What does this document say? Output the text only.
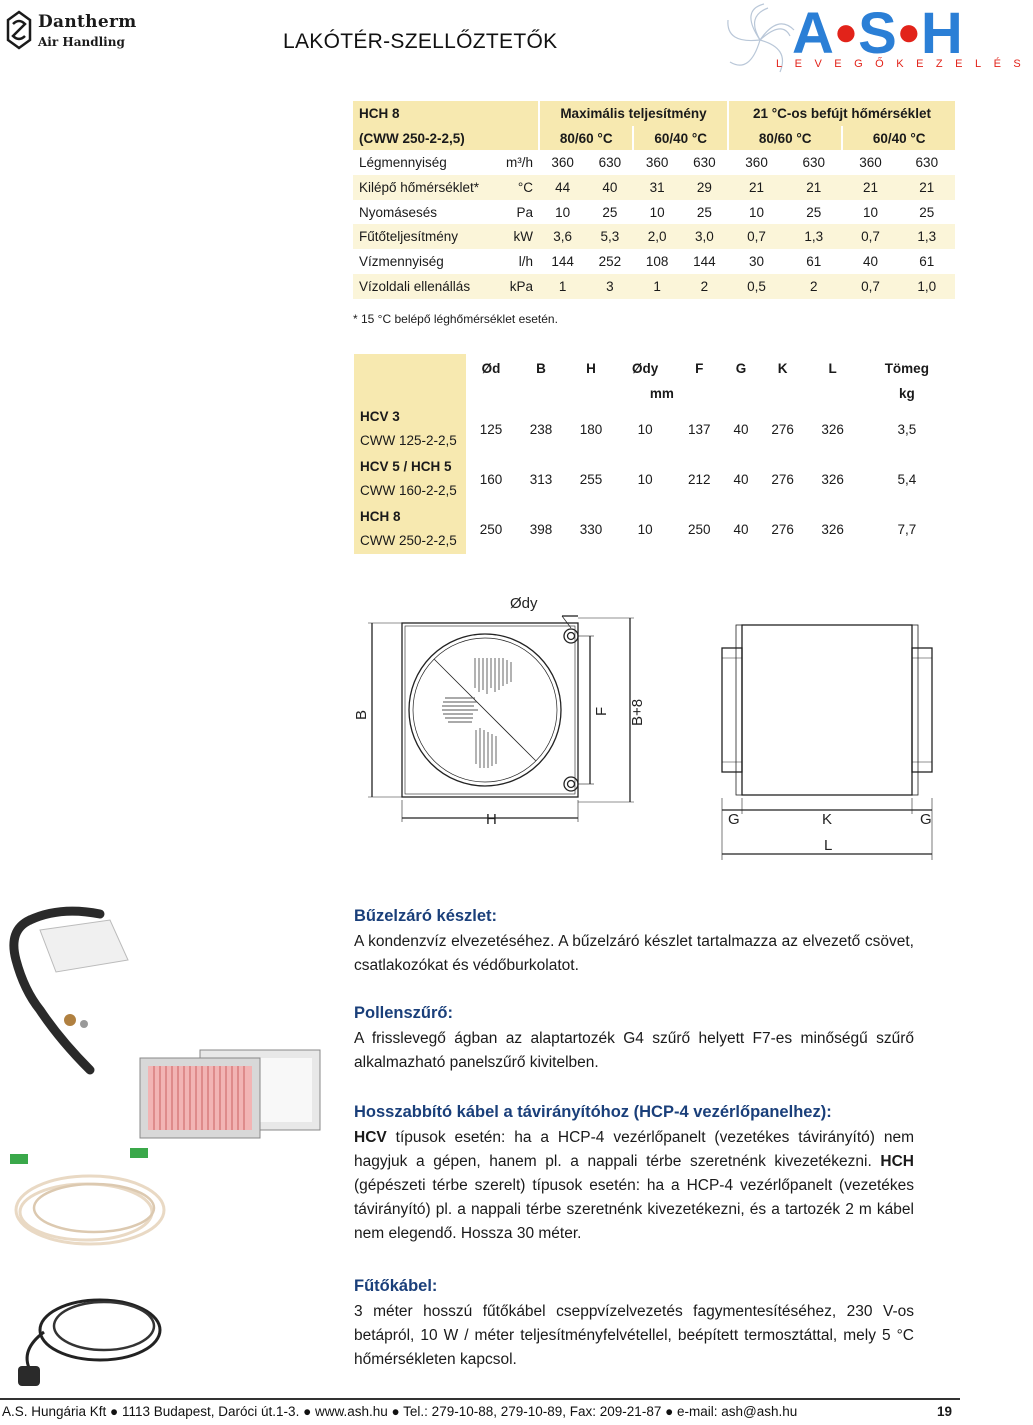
Dantherm
Air Handling	LAKÓTÉR-SZELLŐZTETŐK	A●S●H
LEVEGŐKEZELÉS
HCH 8		Maximális teljesítmény				21 °C-os befújt hőmérséklet			
(CWW 250-2-2,5)		80/60 °C		60/40 °C		80/60 °C		60/40 °C	
Légmennyiség	m³/h	360	630	360	630	360	630	360	630
Kilépő hőmérséklet*	°C	44	40	31	29	21	21	21	21
Nyomásesés	Pa	10	25	10	25	10	25	10	25
Fűtőteljesítmény	kW	3,6	5,3	2,0	3,0	0,7	1,3	0,7	1,3
Vízmennyiség	l/h	144	252	108	144	30	61	40	61
Vízoldali ellenállás	kPa	1	3	1	2	0,5	2	0,7	1,0
* 15 °C belépő léghőmérséklet esetén.
	Ød	B	H	Ødy	F	G	K	L	Tömeg
	mm								kg
HCV 3
CWW 125-2-2,5	125	238	180	10	137	40	276	326	3,5
HCV 5 / HCH 5
CWW 160-2-2,5	160	313	255	10	212	40	276	326	5,4
HCH 8
CWW 250-2-2,5	250	398	330	10	250	40	276	326	7,7
Ødy
B	F B+8
H	G	K	G
L
Bűzelzáró készlet:

A kondenzvíz elvezetéséhez. A bűzelzáró készlet tartalmazza az elvezető csövet, csatlakozókat és védőburkolatot.

Pollenszűrő:

A frisslevegő ágban az alaptartozék G4 szűrő helyett F7-es minőségű szűrő alkalmazható panelszűrő kivitelben.

Hosszabbító kábel a távirányítóhoz (HCP-4 vezérlőpanelhez):

HCV típusok esetén: ha a HCP-4 vezérlőpanelt (vezetékes távirányító) nem hagyjuk a gépen, hanem pl. a nappali térbe szeretnénk kivezetékezni. HCH (gépészeti térbe szerelt) típusok esetén: ha a HCP-4 vezérlőpanelt (vezetékes távirányító) pl. a nappali térbe szeretnénk kivezetékezni, és a tartozék 2 m kábel nem elegendő. Hossza 30 méter.

Fűtőkábel:

3 méter hosszú fűtőkábel cseppvízelvezetés fagymentesítéséhez, 230 V-os betápról, 10 W / méter teljesítményfelvétellel, beépített termosztáttal, mely 5 °C hőmérsékleten kapcsol.

A.S. Hungária Kft ● 1113 Budapest, Daróci út.1-3. ● www.ash.hu ● Tel.: 279-10-88, 279-10-89, Fax: 209-21-87 ● e-mail: ash@ash.hu	19
